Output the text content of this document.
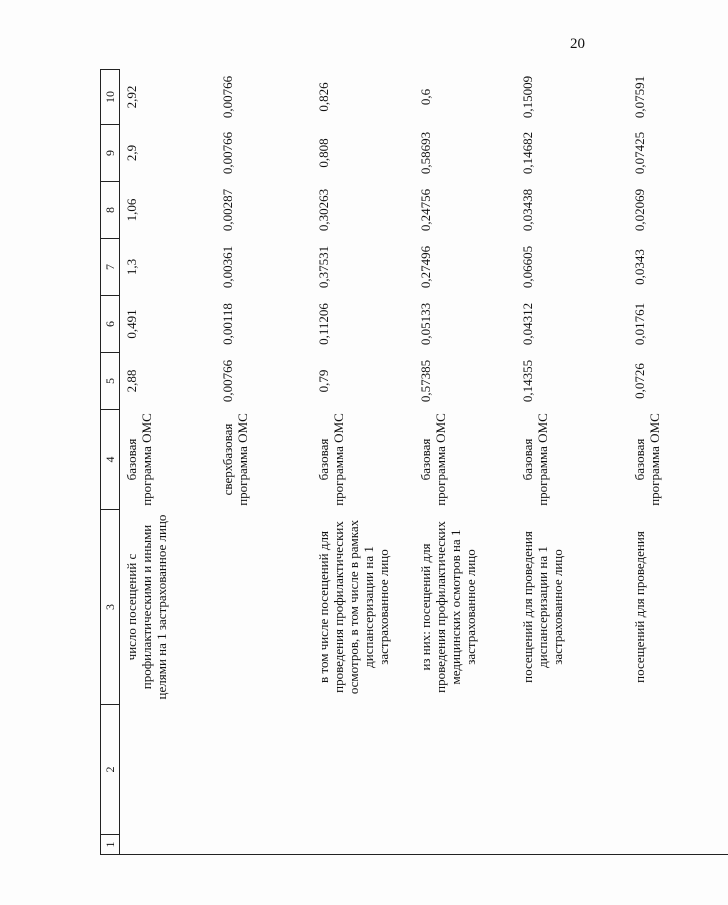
20
1	2	3	4	5	6	7	8	9	10
		число посещений с профилактическими и иными целями на 1 застрахованное лицо	базовая программа ОМС	2,88	0,491	1,3	1,06	2,9	2,92
			сверхбазовая программа ОМС	0,00766	0,00118	0,00361	0,00287	0,00766	0,00766
		в том числе посещений для проведения профилактических осмотров, в том числе в рамках диспансеризации на 1 застрахованное лицо	базовая программа ОМС	0,79	0,11206	0,37531	0,30263	0,808	0,826
		из них: посещений для проведения профилактических медицинских осмотров на 1 застрахованное лицо	базовая программа ОМС	0,57385	0,05133	0,27496	0,24756	0,58693	0,6
		посещений для проведения диспансеризации на 1 застрахованное лицо	базовая программа ОМС	0,14355	0,04312	0,06605	0,03438	0,14682	0,15009
		посещений для проведения	базовая программа ОМС	0,0726	0,01761	0,0343	0,02069	0,07425	0,07591
